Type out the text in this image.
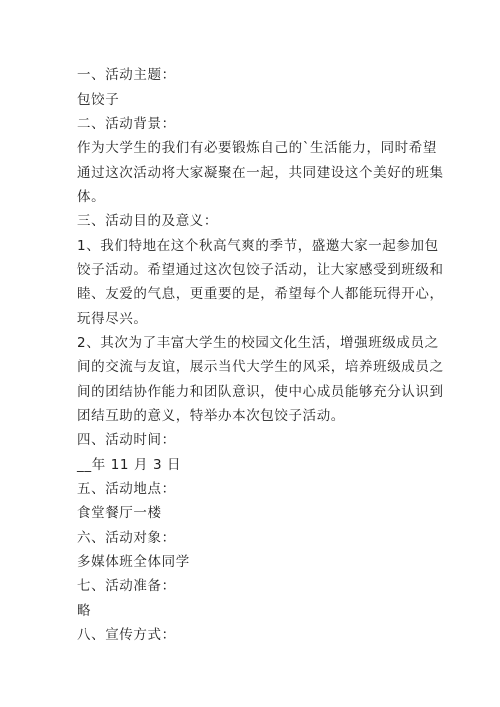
一、活动主题：
包饺子
二、活动背景：
作为大学生的我们有必要锻炼自己的`生活能力，同时希望
通过这次活动将大家凝聚在一起，共同建设这个美好的班集
体。
三、活动目的及意义：
1、我们特地在这个秋高气爽的季节，盛邀大家一起参加包
饺子活动。希望通过这次包饺子活动，让大家感受到班级和
睦、友爱的气息，更重要的是，希望每个人都能玩得开心，
玩得尽兴。
2、其次为了丰富大学生的校园文化生活，增强班级成员之
间的交流与友谊，展示当代大学生的风采，培养班级成员之
间的团结协作能力和团队意识，使中心成员能够充分认识到
团结互助的意义，特举办本次包饺子活动。
四、活动时间：
__年 11 月 3 日
五、活动地点：
食堂餐厅一楼
六、活动对象：
多媒体班全体同学
七、活动准备：
略
八、宣传方式：
